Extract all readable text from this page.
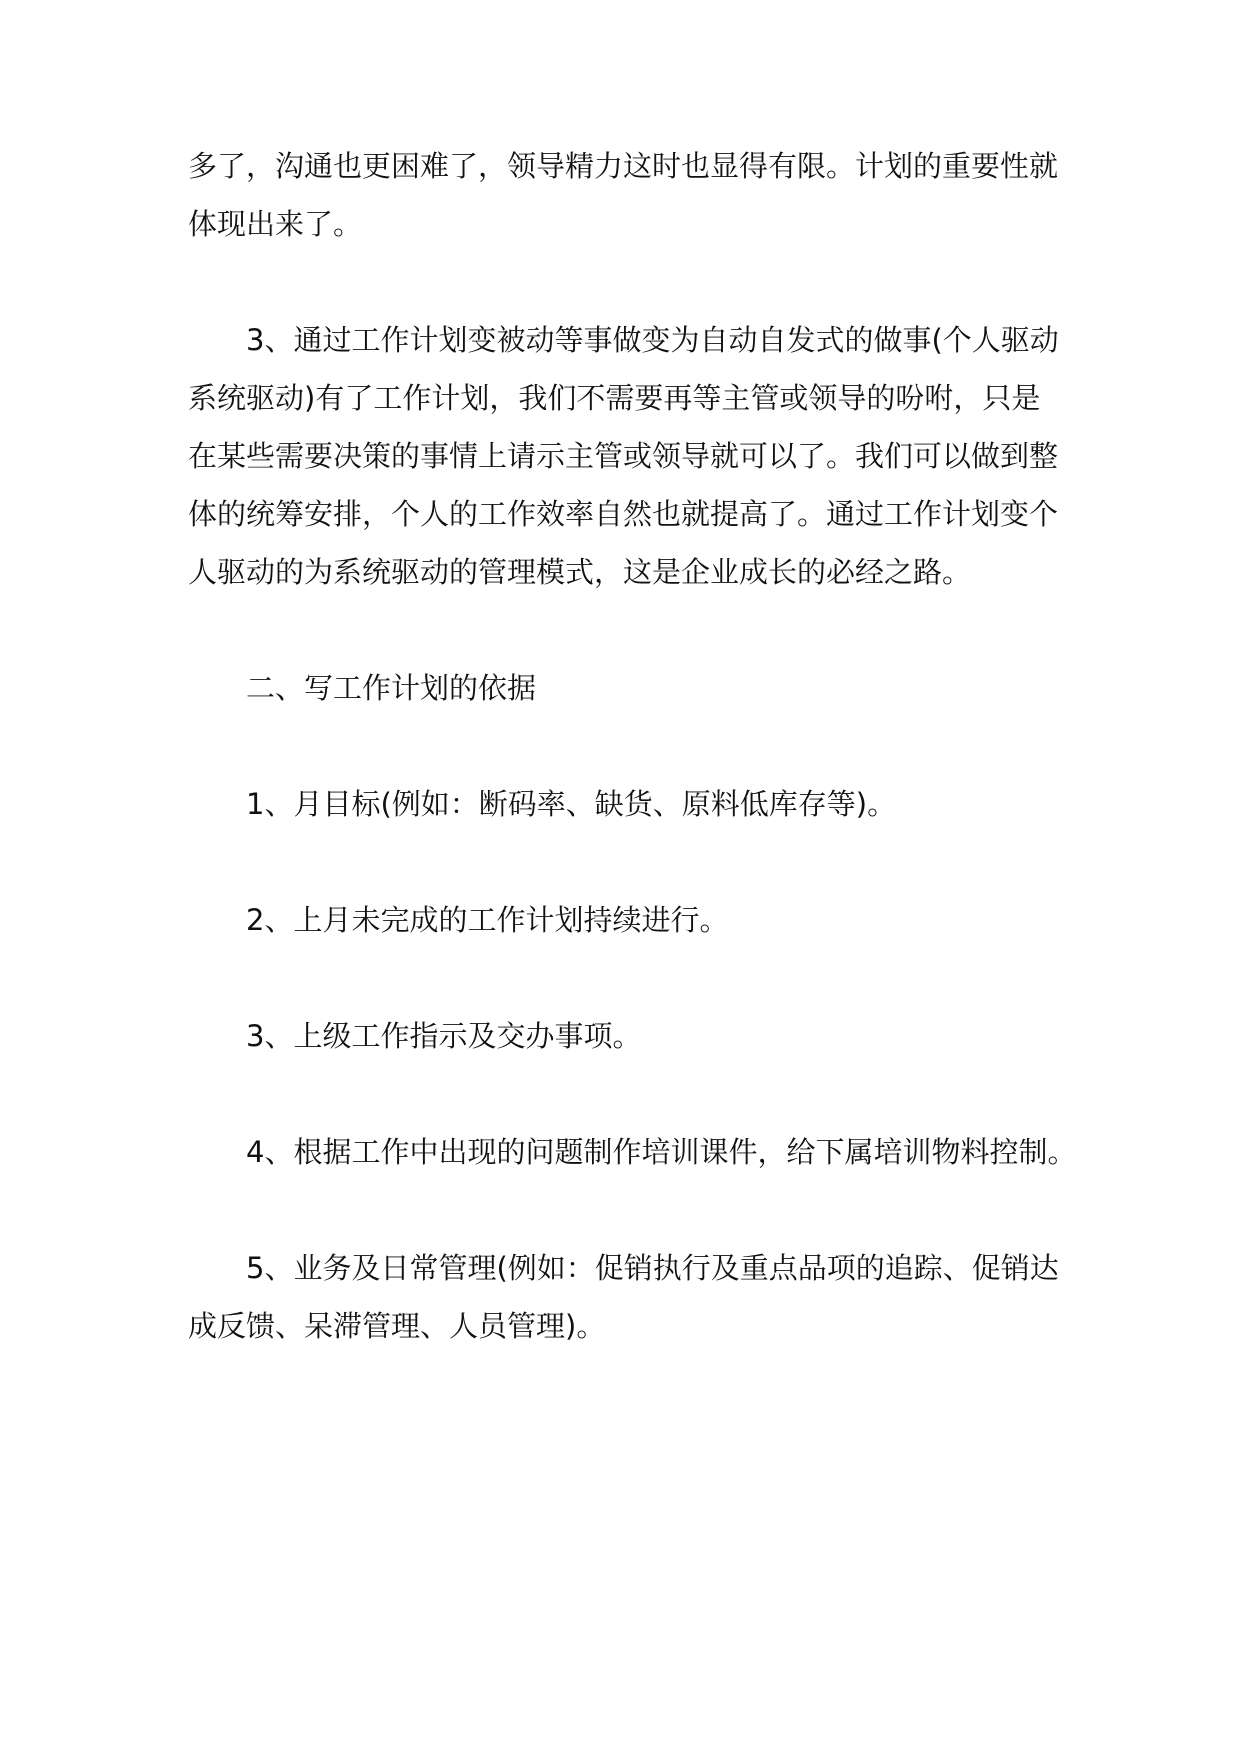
多了，沟通也更困难了，领导精力这时也显得有限。计划的重要性就
体现出来了。
3、通过工作计划变被动等事做变为自动自发式的做事(个人驱动
系统驱动)有了工作计划，我们不需要再等主管或领导的吩咐，只是
在某些需要决策的事情上请示主管或领导就可以了。我们可以做到整
体的统筹安排，个人的工作效率自然也就提高了。通过工作计划变个
人驱动的为系统驱动的管理模式，这是企业成长的必经之路。
二、写工作计划的依据
1、月目标(例如：断码率、缺货、原料低库存等)。
2、上月未完成的工作计划持续进行。
3、上级工作指示及交办事项。
4、根据工作中出现的问题制作培训课件，给下属培训物料控制。
5、业务及日常管理(例如：促销执行及重点品项的追踪、促销达
成反馈、呆滞管理、人员管理)。
